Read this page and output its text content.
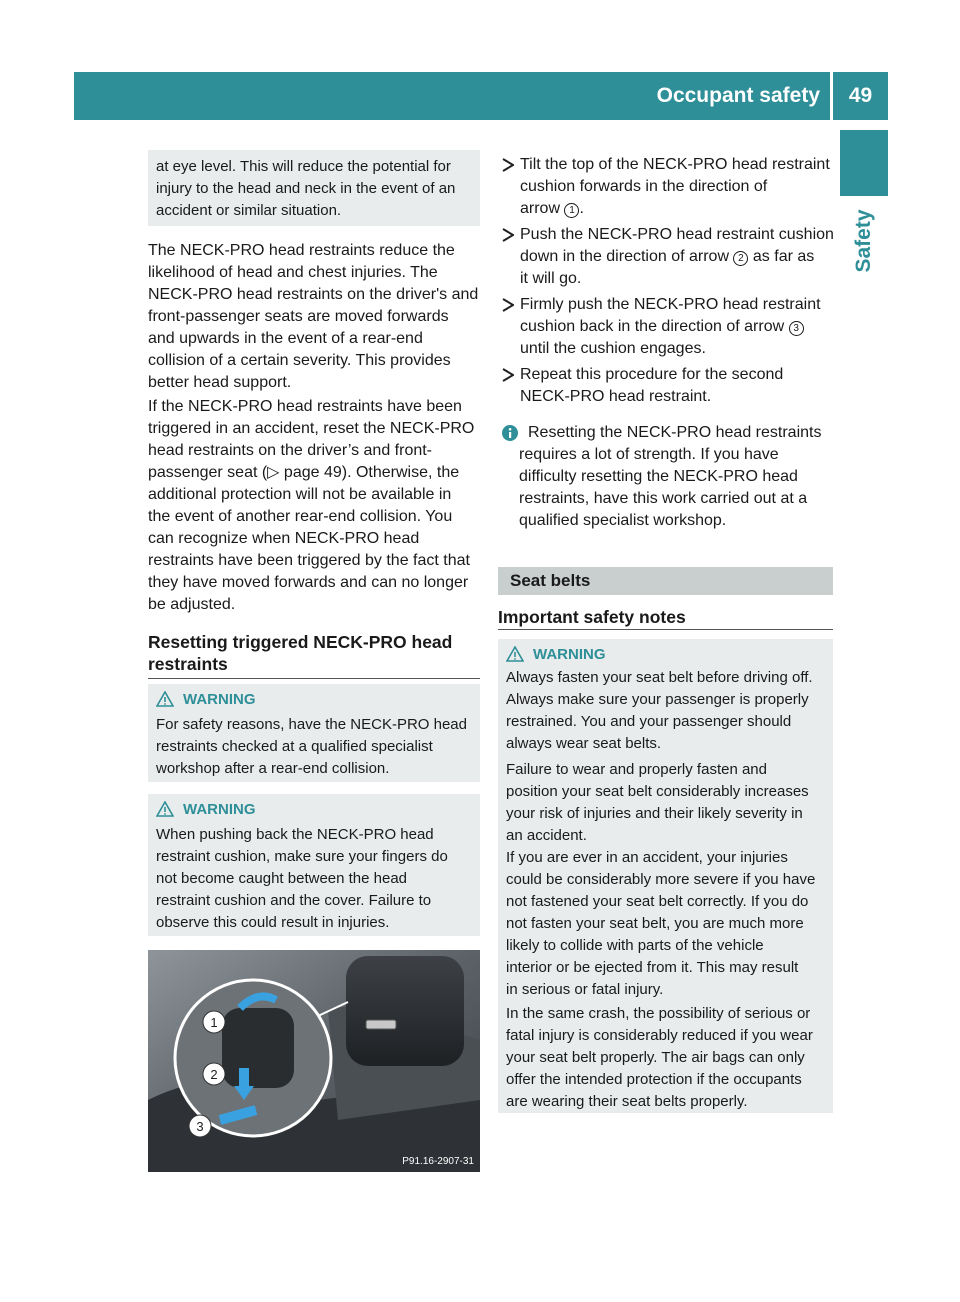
Occupant safety	49
Safety
at eye level. This will reduce the potential for
injury to the head and neck in the event of an
accident or similar situation.
The NECK-PRO head restraints reduce the
likelihood of head and chest injuries. The
NECK-PRO head restraints on the driver's and
front-passenger seats are moved forwards
and upwards in the event of a rear-end
collision of a certain severity. This provides
better head support.
If the NECK-PRO head restraints have been
triggered in an accident, reset the NECK-PRO
head restraints on the driver’s and front-
passenger seat (▷ page 49). Otherwise, the
additional protection will not be available in
the event of another rear-end collision. You
can recognize when NECK-PRO head
restraints have been triggered by the fact that
they have moved forwards and can no longer
be adjusted.
Resetting triggered NECK-PRO head
restraints
WARNING
For safety reasons, have the NECK-PRO head
restraints checked at a qualified specialist
workshop after a rear-end collision.
WARNING
When pushing back the NECK-PRO head
restraint cushion, make sure your fingers do
not become caught between the head
restraint cushion and the cover. Failure to
observe this could result in injuries.
1
2
3
P91.16-2907-31
Tilt the top of the NECK-PRO head restraint
cushion forwards in the direction of
arrow 1 .
Push the NECK-PRO head restraint cushion
down in the direction of arrow 2 as far as
it will go.
Firmly push the NECK-PRO head restraint
cushion back in the direction of arrow 3
until the cushion engages.
Repeat this procedure for the second
NECK-PRO head restraint.
Resetting the NECK-PRO head restraints
requires a lot of strength. If you have
difficulty resetting the NECK-PRO head
restraints, have this work carried out at a
qualified specialist workshop.
Seat belts
Important safety notes
WARNING
Always fasten your seat belt before driving off.
Always make sure your passenger is properly
restrained. You and your passenger should
always wear seat belts.
Failure to wear and properly fasten and
position your seat belt considerably increases
your risk of injuries and their likely severity in
an accident.
If you are ever in an accident, your injuries
could be considerably more severe if you have
not fastened your seat belt correctly. If you do
not fasten your seat belt, you are much more
likely to collide with parts of the vehicle
interior or be ejected from it. This may result
in serious or fatal injury.
In the same crash, the possibility of serious or
fatal injury is considerably reduced if you wear
your seat belt properly. The air bags can only
offer the intended protection if the occupants
are wearing their seat belts properly.
